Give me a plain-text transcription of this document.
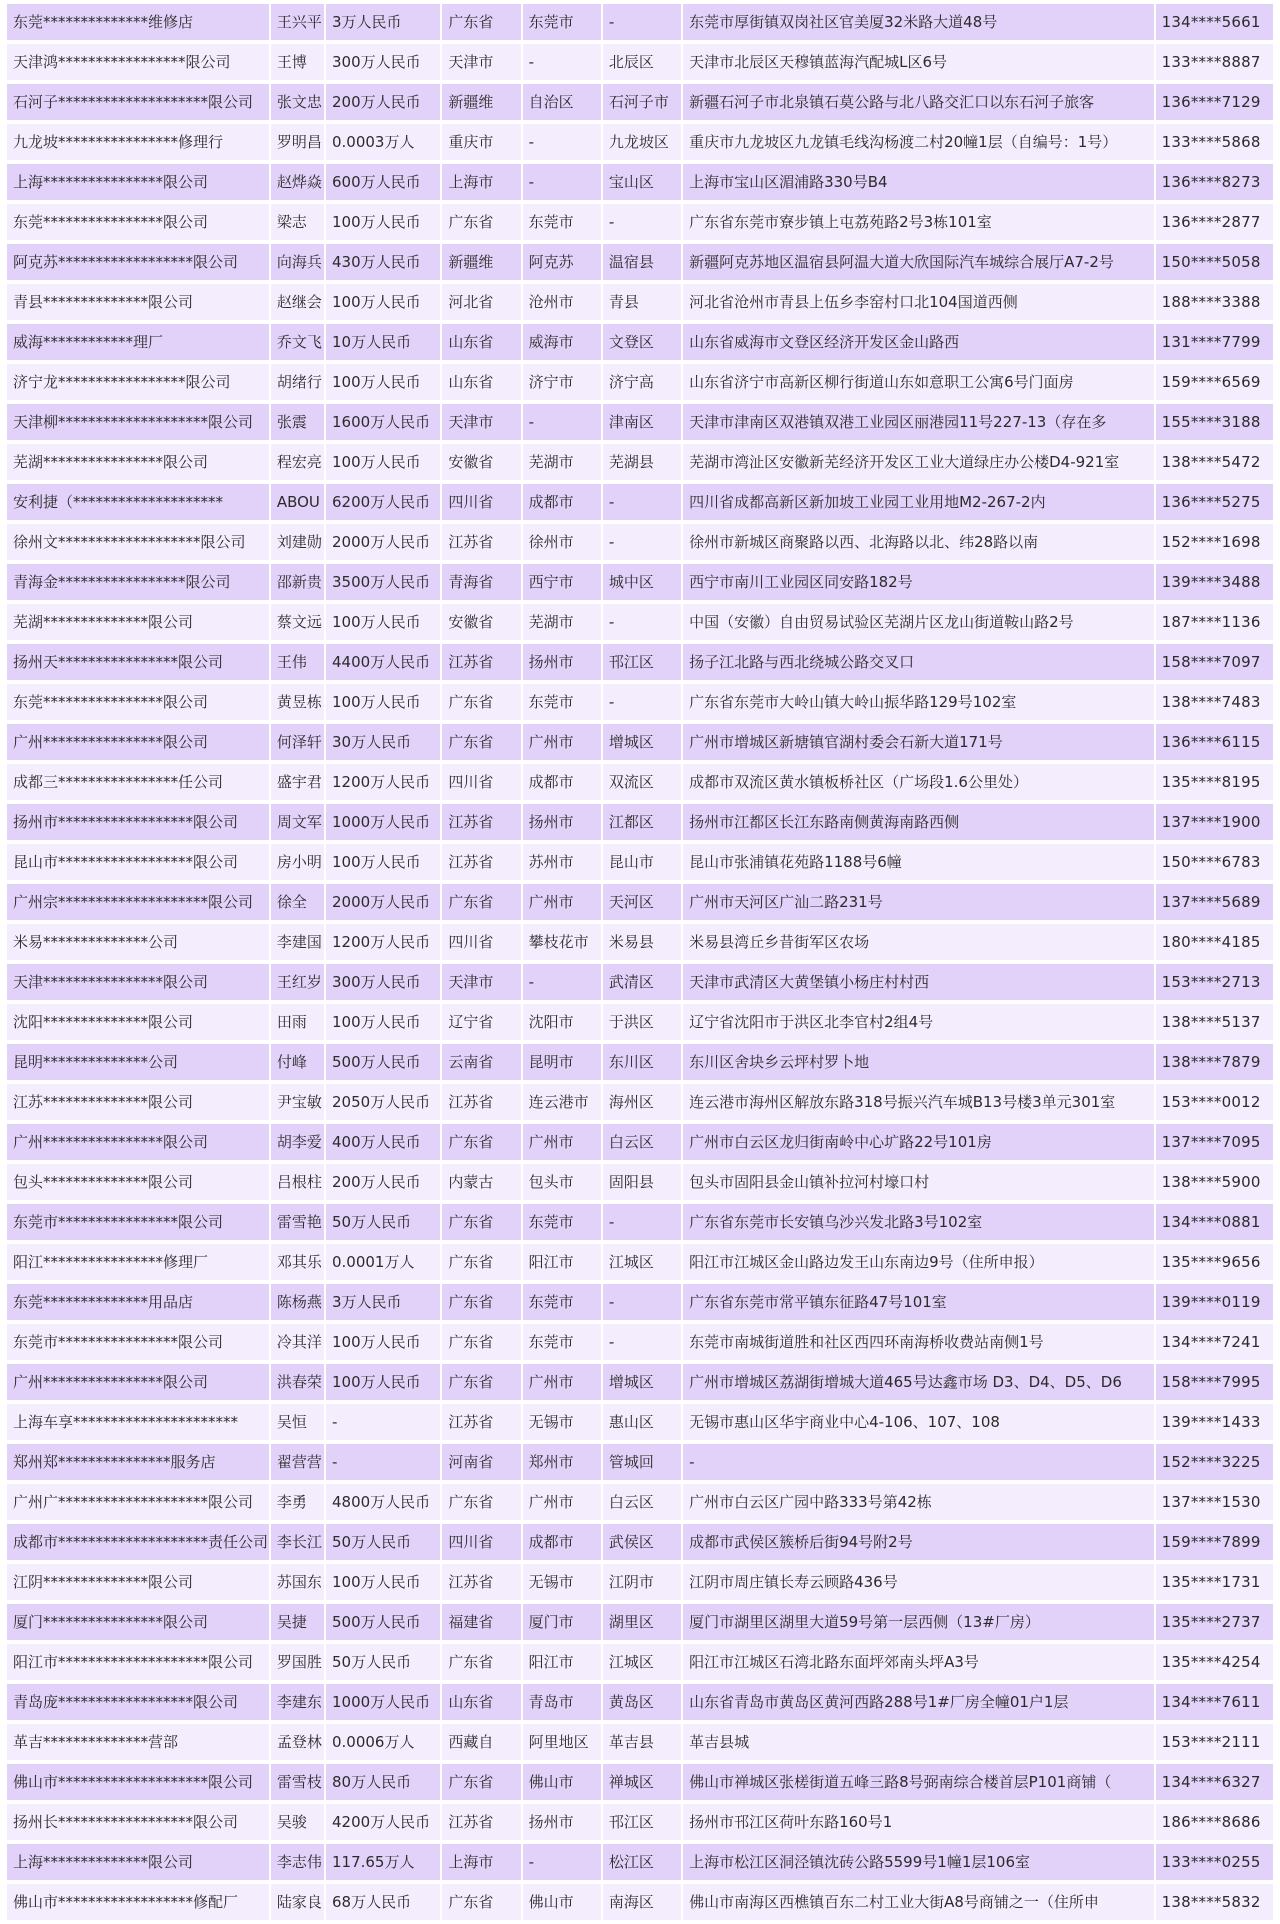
东莞**************维修店	王兴平	3万人民币	广东省	东莞市	-	东莞市厚街镇双岗社区官美厦32米路大道48号	134****5661
天津鸿*****************限公司	王博	300万人民币	天津市	-	北辰区	天津市北辰区天穆镇蓝海汽配城L区6号	133****8887
石河子********************限公司	张文忠	200万人民币	新疆维	自治区	石河子市	新疆石河子市北泉镇石莫公路与北八路交汇口以东石河子旅客	136****7129
九龙坡****************修理行	罗明昌	0.0003万人	重庆市	-	九龙坡区	重庆市九龙坡区九龙镇毛线沟杨渡二村20幢1层（自编号：1号）	133****5868
上海****************限公司	赵烨焱	600万人民币	上海市	-	宝山区	上海市宝山区湄浦路330号B4	136****8273
东莞****************限公司	梁志	100万人民币	广东省	东莞市	-	广东省东莞市寮步镇上屯荔苑路2号3栋101室	136****2877
阿克苏******************限公司	向海兵	430万人民币	新疆维	阿克苏	温宿县	新疆阿克苏地区温宿县阿温大道大欣国际汽车城综合展厅A7-2号	150****5058
青县**************限公司	赵继会	100万人民币	河北省	沧州市	青县	河北省沧州市青县上伍乡李窑村口北104国道西侧	188****3388
威海************理厂	乔文飞	10万人民币	山东省	威海市	文登区	山东省威海市文登区经济开发区金山路西	131****7799
济宁龙*****************限公司	胡绪行	100万人民币	山东省	济宁市	济宁高	山东省济宁市高新区柳行街道山东如意职工公寓6号门面房	159****6569
天津柳********************限公司	张震	1600万人民币	天津市	-	津南区	天津市津南区双港镇双港工业园区丽港园11号227-13（存在多	155****3188
芜湖****************限公司	程宏亮	100万人民币	安徽省	芜湖市	芜湖县	芜湖市湾沚区安徽新芜经济开发区工业大道绿庄办公楼D4-921室	138****5472
安利捷（********************	ABOU	6200万人民币	四川省	成都市	-	四川省成都高新区新加坡工业园工业用地M2-267-2内	136****5275
徐州文*******************限公司	刘建勋	2000万人民币	江苏省	徐州市	-	徐州市新城区商聚路以西、北海路以北、纬28路以南	152****1698
青海金*****************限公司	邵新贵	3500万人民币	青海省	西宁市	城中区	西宁市南川工业园区同安路182号	139****3488
芜湖**************限公司	蔡文远	100万人民币	安徽省	芜湖市	-	中国（安徽）自由贸易试验区芜湖片区龙山街道鞍山路2号	187****1136
扬州天****************限公司	王伟	4400万人民币	江苏省	扬州市	邗江区	扬子江北路与西北绕城公路交叉口	158****7097
东莞****************限公司	黄昱栋	100万人民币	广东省	东莞市	-	广东省东莞市大岭山镇大岭山振华路129号102室	138****7483
广州****************限公司	何泽轩	30万人民币	广东省	广州市	增城区	广州市增城区新塘镇官湖村委会石新大道171号	136****6115
成都三****************任公司	盛宇君	1200万人民币	四川省	成都市	双流区	成都市双流区黄水镇板桥社区（广场段1.6公里处）	135****8195
扬州市******************限公司	周文军	1000万人民币	江苏省	扬州市	江都区	扬州市江都区长江东路南侧黄海南路西侧	137****1900
昆山市******************限公司	房小明	100万人民币	江苏省	苏州市	昆山市	昆山市张浦镇花苑路1188号6幢	150****6783
广州宗********************限公司	徐全	2000万人民币	广东省	广州市	天河区	广州市天河区广汕二路231号	137****5689
米易**************公司	李建国	1200万人民币	四川省	攀枝花市	米易县	米易县湾丘乡昔街军区农场	180****4185
天津****************限公司	王红岁	300万人民币	天津市	-	武清区	天津市武清区大黄堡镇小杨庄村村西	153****2713
沈阳**************限公司	田雨	100万人民币	辽宁省	沈阳市	于洪区	辽宁省沈阳市于洪区北李官村2组4号	138****5137
昆明**************公司	付峰	500万人民币	云南省	昆明市	东川区	东川区舍块乡云坪村罗卜地	138****7879
江苏**************限公司	尹宝敏	2050万人民币	江苏省	连云港市	海州区	连云港市海州区解放东路318号振兴汽车城B13号楼3单元301室	153****0012
广州****************限公司	胡李爱	400万人民币	广东省	广州市	白云区	广州市白云区龙归街南岭中心圹路22号101房	137****7095
包头**************限公司	吕根柱	200万人民币	内蒙古	包头市	固阳县	包头市固阳县金山镇补拉河村壕口村	138****5900
东莞市****************限公司	雷雪艳	50万人民币	广东省	东莞市	-	广东省东莞市长安镇乌沙兴发北路3号102室	134****0881
阳江****************修理厂	邓其乐	0.0001万人	广东省	阳江市	江城区	阳江市江城区金山路边发王山东南边9号（住所申报）	135****9656
东莞**************用品店	陈杨燕	3万人民币	广东省	东莞市	-	广东省东莞市常平镇东征路47号101室	139****0119
东莞市****************限公司	冷其洋	100万人民币	广东省	东莞市	-	东莞市南城街道胜和社区西四环南海桥收费站南侧1号	134****7241
广州****************限公司	洪春荣	100万人民币	广东省	广州市	增城区	广州市增城区荔湖街增城大道465号达鑫市场 D3、D4、D5、D6	158****7995
上海车享**********************	吴恒	-	江苏省	无锡市	惠山区	无锡市惠山区华宇商业中心4-106、107、108	139****1433
郑州郑***************服务店	翟营营	-	河南省	郑州市	管城回	-	152****3225
广州广********************限公司	李勇	4800万人民币	广东省	广州市	白云区	广州市白云区广园中路333号第42栋	137****1530
成都市********************责任公司	李长江	50万人民币	四川省	成都市	武侯区	成都市武侯区簇桥后街94号附2号	159****7899
江阴**************限公司	苏国东	100万人民币	江苏省	无锡市	江阴市	江阴市周庄镇长寿云顾路436号	135****1731
厦门****************限公司	吴捷	500万人民币	福建省	厦门市	湖里区	厦门市湖里区湖里大道59号第一层西侧（13#厂房）	135****2737
阳江市********************限公司	罗国胜	50万人民币	广东省	阳江市	江城区	阳江市江城区石湾北路东面坪郊南头坪A3号	135****4254
青岛庞******************限公司	李建东	1000万人民币	山东省	青岛市	黄岛区	山东省青岛市黄岛区黄河西路288号1#厂房全幢01户1层	134****7611
革吉**************营部	孟登林	0.0006万人	西藏自	阿里地区	革吉县	革吉县城	153****2111
佛山市********************限公司	雷雪枝	80万人民币	广东省	佛山市	禅城区	佛山市禅城区张槎街道五峰三路8号弼南综合楼首层P101商铺（	134****6327
扬州长******************限公司	吴骏	4200万人民币	江苏省	扬州市	邗江区	扬州市邗江区荷叶东路160号1	186****8686
上海**************限公司	李志伟	117.65万人	上海市	-	松江区	上海市松江区洞泾镇沈砖公路5599号1幢1层106室	133****0255
佛山市******************修配厂	陆家良	68万人民币	广东省	佛山市	南海区	佛山市南海区西樵镇百东二村工业大街A8号商铺之一（住所申	138****5832
